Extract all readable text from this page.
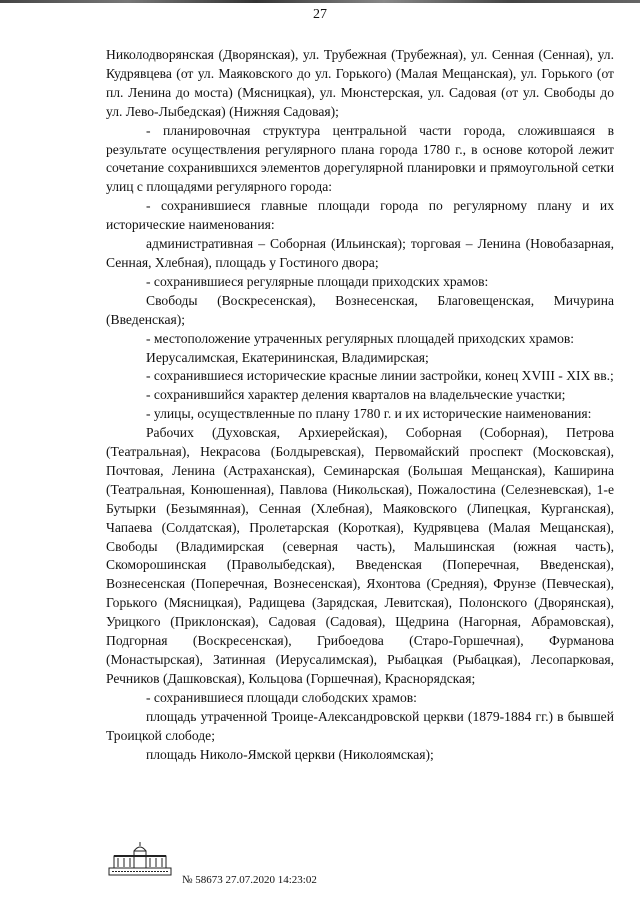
27

Николодворянская (Дворянская), ул. Трубежная (Трубежная), ул. Сенная (Сенная), ул. Кудрявцева (от ул. Маяковского до ул. Горького) (Малая Мещанская), ул. Горького (от пл. Ленина до моста) (Мясницкая), ул. Мюнстерская, ул. Садовая (от ул. Свободы до ул. Лево-Лыбедская) (Нижняя Садовая);

- планировочная структура центральной части города, сложившаяся в результате осуществления регулярного плана города 1780 г., в основе которой лежит сочетание сохранившихся элементов дорегулярной планировки и прямоугольной сетки улиц с площадями регулярного города:

- сохранившиеся главные площади города по регулярному плану и их исторические наименования:

административная – Соборная (Ильинская); торговая – Ленина (Новобазарная, Сенная, Хлебная), площадь у Гостиного двора;

- сохранившиеся регулярные площади приходских храмов:

Свободы (Воскресенская), Вознесенская, Благовещенская, Мичурина (Введенская);

- местоположение утраченных регулярных площадей приходских храмов:

Иерусалимская, Екатерининская, Владимирская;

- сохранившиеся исторические красные линии застройки, конец XVIII - XIX вв.;

- сохранившийся характер деления кварталов на владельческие участки;

- улицы, осуществленные по плану 1780 г. и их исторические наименования:

Рабочих (Духовская, Архиерейская), Соборная (Соборная), Петрова (Театральная), Некрасова (Болдыревская), Первомайский проспект (Московская), Почтовая, Ленина (Астраханская), Семинарская (Большая Мещанская), Каширина (Театральная, Конюшенная), Павлова (Никольская), Пожалостина (Селезневская), 1-е Бутырки (Безымянная), Сенная (Хлебная), Маяковского (Липецкая, Курганская), Чапаева (Солдатская), Пролетарская (Короткая), Кудрявцева (Малая Мещанская), Свободы (Владимирская (северная часть), Мальшинская (южная часть), Скоморошинская (Праволыбедская), Введенская (Поперечная, Введенская), Вознесенская (Поперечная, Вознесенская), Яхонтова (Средняя), Фрунзе (Певческая), Горького (Мясницкая), Радищева (Зарядская, Левитская), Полонского (Дворянская), Урицкого (Приклонская), Садовая (Садовая), Щедрина (Нагорная, Абрамовская), Подгорная (Воскресенская), Грибоедова (Старо-Горшечная), Фурманова (Монастырская), Затинная (Иерусалимская), Рыбацкая (Рыбацкая), Лесопарковая, Речников (Дашковская), Кольцова (Горшечная), Краснорядская;

- сохранившиеся площади слободских храмов:

площадь утраченной Троице-Александровской церкви (1879-1884 гг.) в бывшей Троицкой слободе;

площадь Николо-Ямской церкви (Николоямская);

№ 58673 27.07.2020 14:23:02
